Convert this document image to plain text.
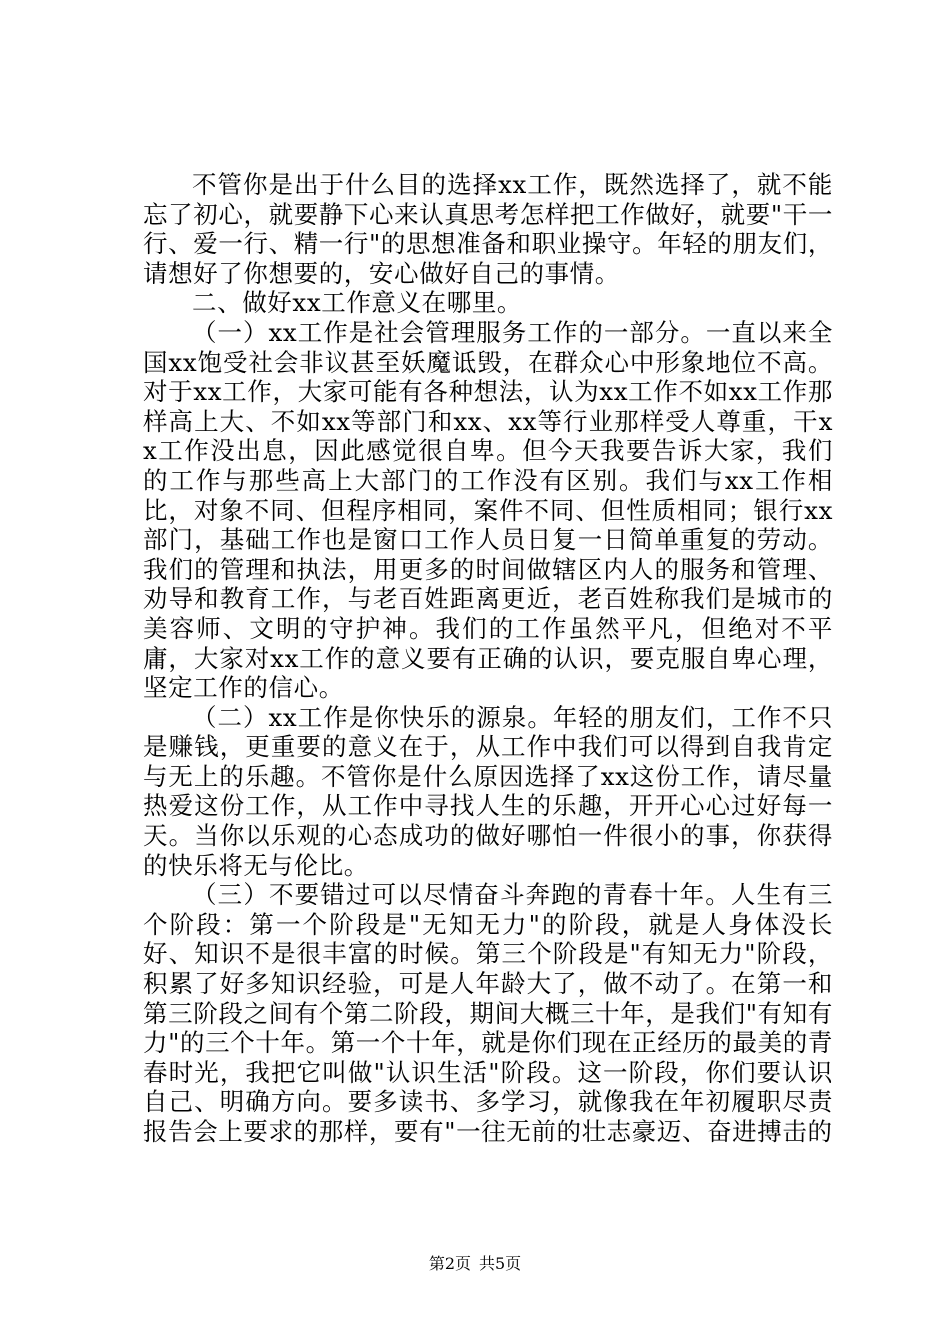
不管你是出于什么目的选择xx工作，既然选择了，就不能忘了初心，就要静下心来认真思考怎样把工作做好，就要"干一行、爱一行、精一行"的思想准备和职业操守。年轻的朋友们，请想好了你想要的，安心做好自己的事情。

二、做好xx工作意义在哪里。

（一）xx工作是社会管理服务工作的一部分。一直以来全国xx饱受社会非议甚至妖魔诋毁，在群众心中形象地位不高。对于xx工作，大家可能有各种想法，认为xx工作不如xx工作那样高上大、不如xx等部门和xx、xx等行业那样受人尊重，干xx工作没出息，因此感觉很自卑。但今天我要告诉大家，我们的工作与那些高上大部门的工作没有区别。我们与xx工作相比，对象不同、但程序相同，案件不同、但性质相同；银行xx部门，基础工作也是窗口工作人员日复一日简单重复的劳动。我们的管理和执法，用更多的时间做辖区内人的服务和管理、劝导和教育工作，与老百姓距离更近，老百姓称我们是城市的美容师、文明的守护神。我们的工作虽然平凡，但绝对不平庸，大家对xx工作的意义要有正确的认识，要克服自卑心理，坚定工作的信心。

（二）xx工作是你快乐的源泉。年轻的朋友们，工作不只是赚钱，更重要的意义在于，从工作中我们可以得到自我肯定与无上的乐趣。不管你是什么原因选择了xx这份工作，请尽量热爱这份工作，从工作中寻找人生的乐趣，开开心心过好每一天。当你以乐观的心态成功的做好哪怕一件很小的事，你获得的快乐将无与伦比。

（三）不要错过可以尽情奋斗奔跑的青春十年。人生有三个阶段：第一个阶段是"无知无力"的阶段，就是人身体没长好、知识不是很丰富的时候。第三个阶段是"有知无力"阶段，积累了好多知识经验，可是人年龄大了，做不动了。在第一和第三阶段之间有个第二阶段，期间大概三十年，是我们"有知有力"的三个十年。第一个十年，就是你们现在正经历的最美的青春时光，我把它叫做"认识生活"阶段。这一阶段，你们要认识自己、明确方向。要多读书、多学习，就像我在年初履职尽责报告会上要求的那样，要有"一往无前的壮志豪迈、奋进搏击的

第2页 共5页
